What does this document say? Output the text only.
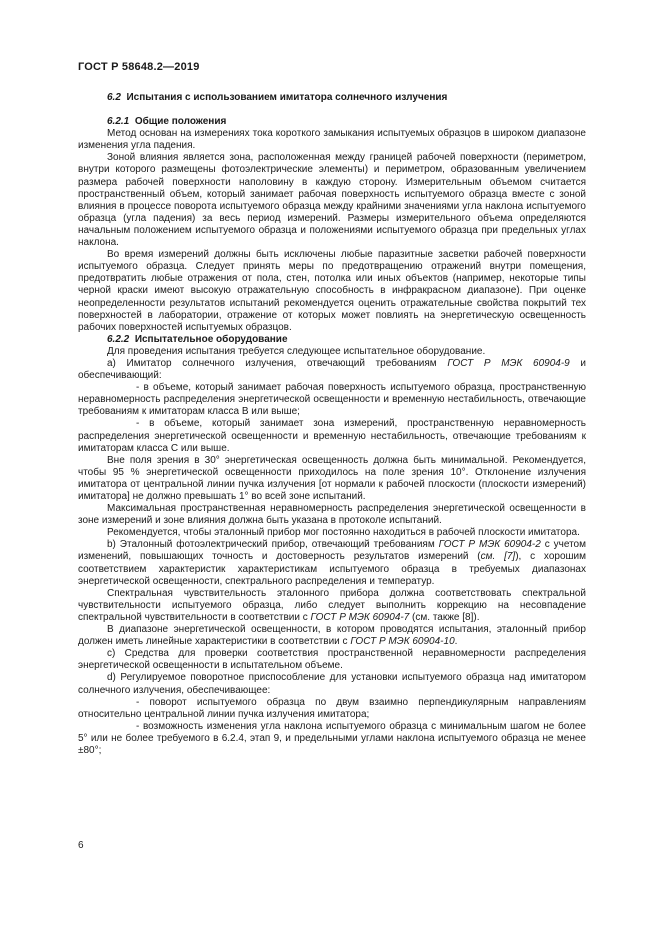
ГОСТ Р 58648.2—2019

6.2 Испытания с использованием имитатора солнечного излучения

6.2.1 Общие положения

Метод основан на измерениях тока короткого замыкания испытуемых образцов в широком диапазоне изменения угла падения.

Зоной влияния является зона, расположенная между границей рабочей поверхности (периметром, внутри которого размещены фотоэлектрические элементы) и периметром, образованным увеличением размера рабочей поверхности наполовину в каждую сторону. Измерительным объемом считается пространственный объем, который занимает рабочая поверхность испытуемого образца вместе с зоной влияния в процессе поворота испытуемого образца между крайними значениями угла наклона испытуемого образца (угла падения) за весь период измерений. Размеры измерительного объема определяются начальным положением испытуемого образца и положениями испытуемого образца при предельных углах наклона.

Во время измерений должны быть исключены любые паразитные засветки рабочей поверхности испытуемого образца. Следует принять меры по предотвращению отражений внутри помещения, предотвратить любые отражения от пола, стен, потолка или иных объектов (например, некоторые типы черной краски имеют высокую отражательную способность в инфракрасном диапазоне). При оценке неопределенности результатов испытаний рекомендуется оценить отражательные свойства покрытий тех поверхностей в лаборатории, отражение от которых может повлиять на энергетическую освещенность рабочих поверхностей испытуемых образцов.

6.2.2 Испытательное оборудование

Для проведения испытания требуется следующее испытательное оборудование.

а) Имитатор солнечного излучения, отвечающий требованиям ГОСТ Р МЭК 60904-9 и обеспечивающий:

- в объеме, который занимает рабочая поверхность испытуемого образца, пространственную неравномерность распределения энергетической освещенности и временную нестабильность, отвечающие требованиям к имитаторам класса В или выше;

- в объеме, который занимает зона измерений, пространственную неравномерность распределения энергетической освещенности и временную нестабильность, отвечающие требованиям к имитаторам класса С или выше.

Вне поля зрения в 30° энергетическая освещенность должна быть минимальной. Рекомендуется, чтобы 95 % энергетической освещенности приходилось на поле зрения 10°. Отклонение излучения имитатора от центральной линии пучка излучения [от нормали к рабочей плоскости (плоскости измерений) имитатора] не должно превышать 1° во всей зоне испытаний.

Максимальная пространственная неравномерность распределения энергетической освещенности в зоне измерений и зоне влияния должна быть указана в протоколе испытаний.

Рекомендуется, чтобы эталонный прибор мог постоянно находиться в рабочей плоскости имитатора.

b) Эталонный фотоэлектрический прибор, отвечающий требованиям ГОСТ Р МЭК 60904-2 с учетом изменений, повышающих точность и достоверность результатов измерений (см. [7]), с хорошим соответствием характеристик характеристикам испытуемого образца в требуемых диапазонах энергетической освещенности, спектрального распределения и температур.

Спектральная чувствительность эталонного прибора должна соответствовать спектральной чувствительности испытуемого образца, либо следует выполнить коррекцию на несовпадение спектральной чувствительности в соответствии с ГОСТ Р МЭК 60904-7 (см. также [8]).

В диапазоне энергетической освещенности, в котором проводятся испытания, эталонный прибор должен иметь линейные характеристики в соответствии с ГОСТ Р МЭК 60904-10.

с) Средства для проверки соответствия пространственной неравномерности распределения энергетической освещенности в испытательном объеме.

d) Регулируемое поворотное приспособление для установки испытуемого образца над имитатором солнечного излучения, обеспечивающее:

- поворот испытуемого образца по двум взаимно перпендикулярным направлениям относительно центральной линии пучка излучения имитатора;

- возможность изменения угла наклона испытуемого образца с минимальным шагом не более 5° или не более требуемого в 6.2.4, этап 9, и предельными углами наклона испытуемого образца не менее ±80°;

6
